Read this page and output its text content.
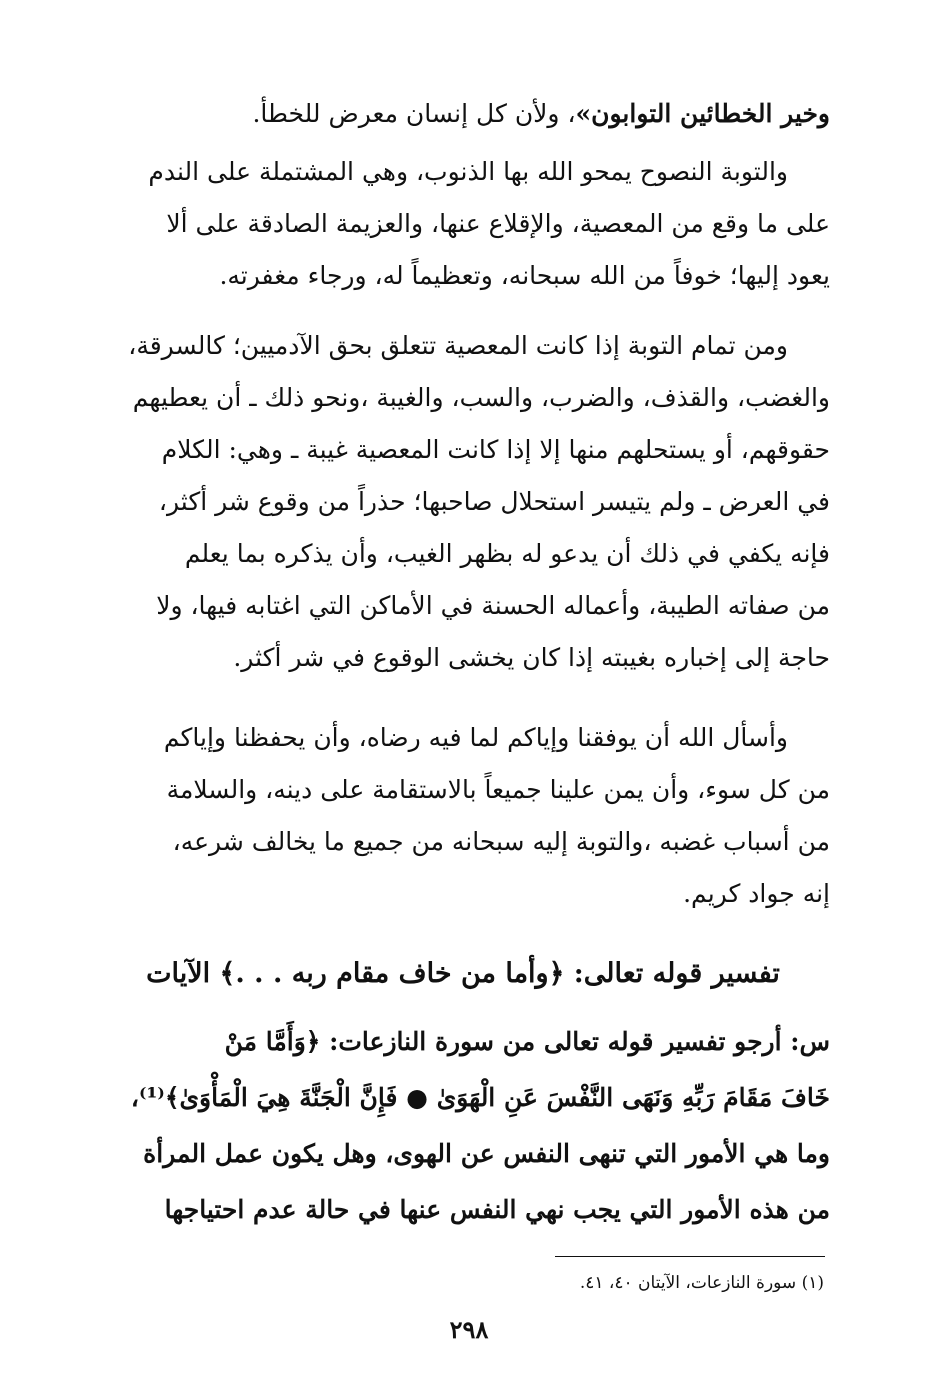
وخير الخطائين التوابون»، ولأن كل إنسان معرض للخطأ.
والتوبة النصوح يمحو الله بها الذنوب، وهي المشتملة على الندم
على ما وقع من المعصية، والإقلاع عنها، والعزيمة الصادقة على ألا
يعود إليها؛ خوفاً من الله سبحانه، وتعظيماً له، ورجاء مغفرته.
ومن تمام التوبة إذا كانت المعصية تتعلق بحق الآدميين؛ كالسرقة،
والغضب، والقذف، والضرب، والسب، والغيبة ،ونحو ذلك ـ أن يعطيهم
حقوقهم، أو يستحلهم منها إلا إذا كانت المعصية غيبة ـ وهي: الكلام
في العرض ـ ولم يتيسر استحلال صاحبها؛ حذراً من وقوع شر أكثر،
فإنه يكفي في ذلك أن يدعو له بظهر الغيب، وأن يذكره بما يعلم
من صفاته الطيبة، وأعماله الحسنة في الأماكن التي اغتابه فيها، ولا
حاجة إلى إخباره بغيبته إذا كان يخشى الوقوع في شر أكثر.
وأسأل الله أن يوفقنا وإياكم لما فيه رضاه، وأن يحفظنا وإياكم
من كل سوء، وأن يمن علينا جميعاً بالاستقامة على دينه، والسلامة
من أسباب غضبه ،والتوبة إليه سبحانه من جميع ما يخالف شرعه،
إنه جواد كريم.
تفسير قوله تعالى: ﴿وأما من خاف مقام ربه . . .﴾ الآيات
س: أرجو تفسير قوله تعالى من سورة النازعات: ﴿وَأَمَّا مَنْ
خَافَ مَقَامَ رَبِّهِ وَنَهَى النَّفْسَ عَنِ الْهَوَىٰ ● فَإِنَّ الْجَنَّةَ هِيَ الْمَأْوَىٰ﴾⁽¹⁾،
وما هي الأمور التي تنهى النفس عن الهوى، وهل يكون عمل المرأة
من هذه الأمور التي يجب نهي النفس عنها في حالة عدم احتياجها
(١) سورة النازعات، الآيتان ٤٠، ٤١.
٢٩٨
